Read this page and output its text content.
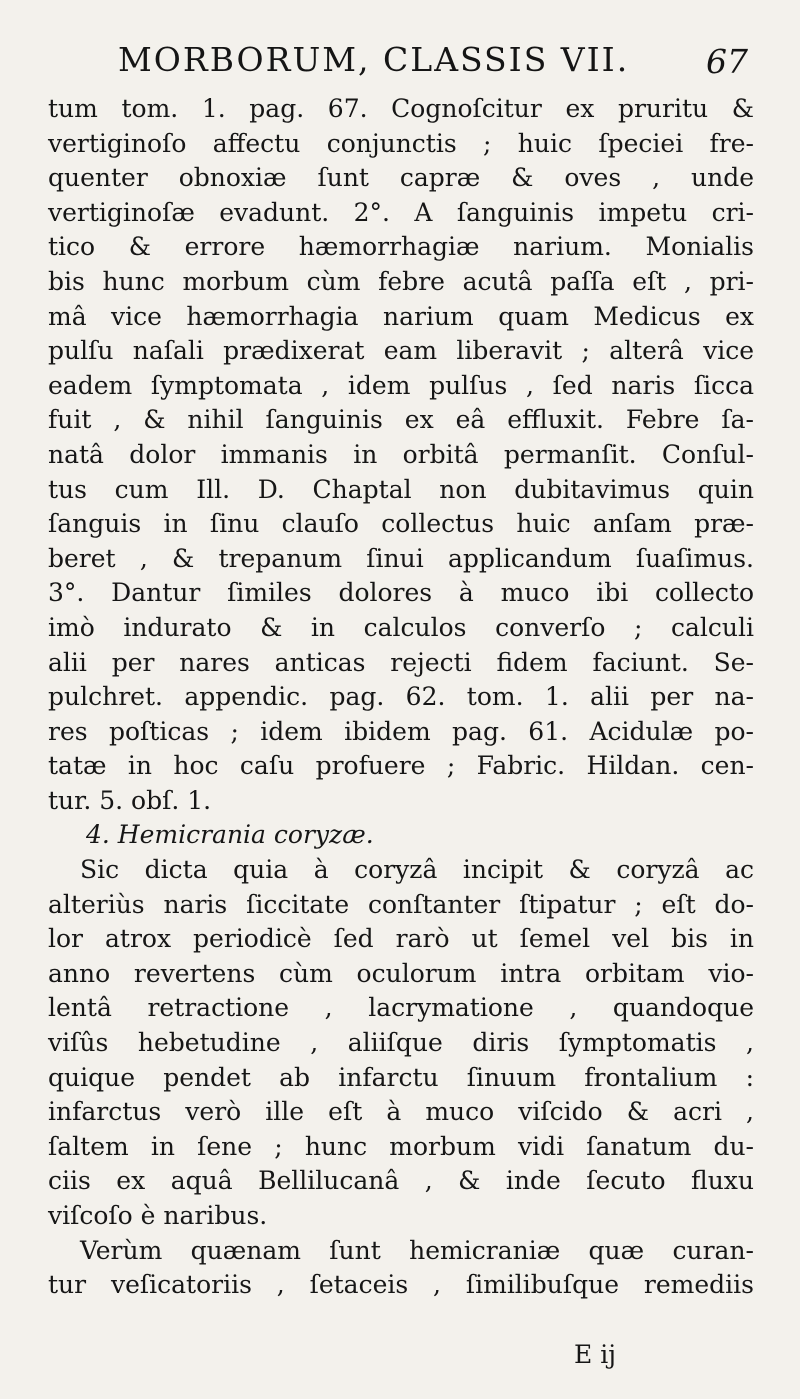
MORBORUM, CLASSIS VII. 67
tum tom. 1. pag. 67. Cognoſcitur ex pruritu &
vertiginoſo affectu conjunctis ; huic ſpeciei fre-
quenter obnoxiæ ſunt capræ & oves , unde
vertiginoſæ evadunt. 2°. A ſanguinis impetu cri-
tico & errore hæmorrhagiæ narium. Monialis
bis hunc morbum cùm febre acutâ paſſa eſt , pri-
mâ vice hæmorrhagia narium quam Medicus ex
pulſu naſali prædixerat eam liberavit ; alterâ vice
eadem ſymptomata , idem pulſus , ſed naris ſicca
fuit , & nihil ſanguinis ex eâ effluxit. Febre ſa-
natâ dolor immanis in orbitâ permanſit. Conſul-
tus cum Ill. D. Chaptal non dubitavimus quin
ſanguis in ſinu clauſo collectus huic anſam præ-
beret , & trepanum ſinui applicandum ſuaſimus.
3°. Dantur ſimiles dolores à muco ibi collecto
imò indurato & in calculos converſo ; calculi
alii per nares anticas rejecti fidem faciunt. Se-
pulchret. appendic. pag. 62. tom. 1. alii per na-
res poſticas ; idem ibidem pag. 61. Acidulæ po-
tatæ in hoc caſu profuere ; Fabric. Hildan. cen-
tur. 5. obſ. 1.
4. Hemicrania coryzæ.
Sic dicta quia à coryzâ incipit & coryzâ ac
alteriùs naris ſiccitate conſtanter ſtipatur ; eſt do-
lor atrox periodicè ſed rarò ut ſemel vel bis in
anno revertens cùm oculorum intra orbitam vio-
lentâ retractione , lacrymatione , quandoque
viſûs hebetudine , aliiſque diris ſymptomatis ,
quique pendet ab infarctu ſinuum frontalium :
infarctus verò ille eſt à muco viſcido & acri ,
ſaltem in ſene ; hunc morbum vidi ſanatum du-
ciis ex aquâ Bellilucanâ , & inde ſecuto fluxu
viſcoſo è naribus.
Verùm quænam ſunt hemicraniæ quæ curan-
tur veſicatoriis , ſetaceis , ſimilibuſque remediis
E ij
